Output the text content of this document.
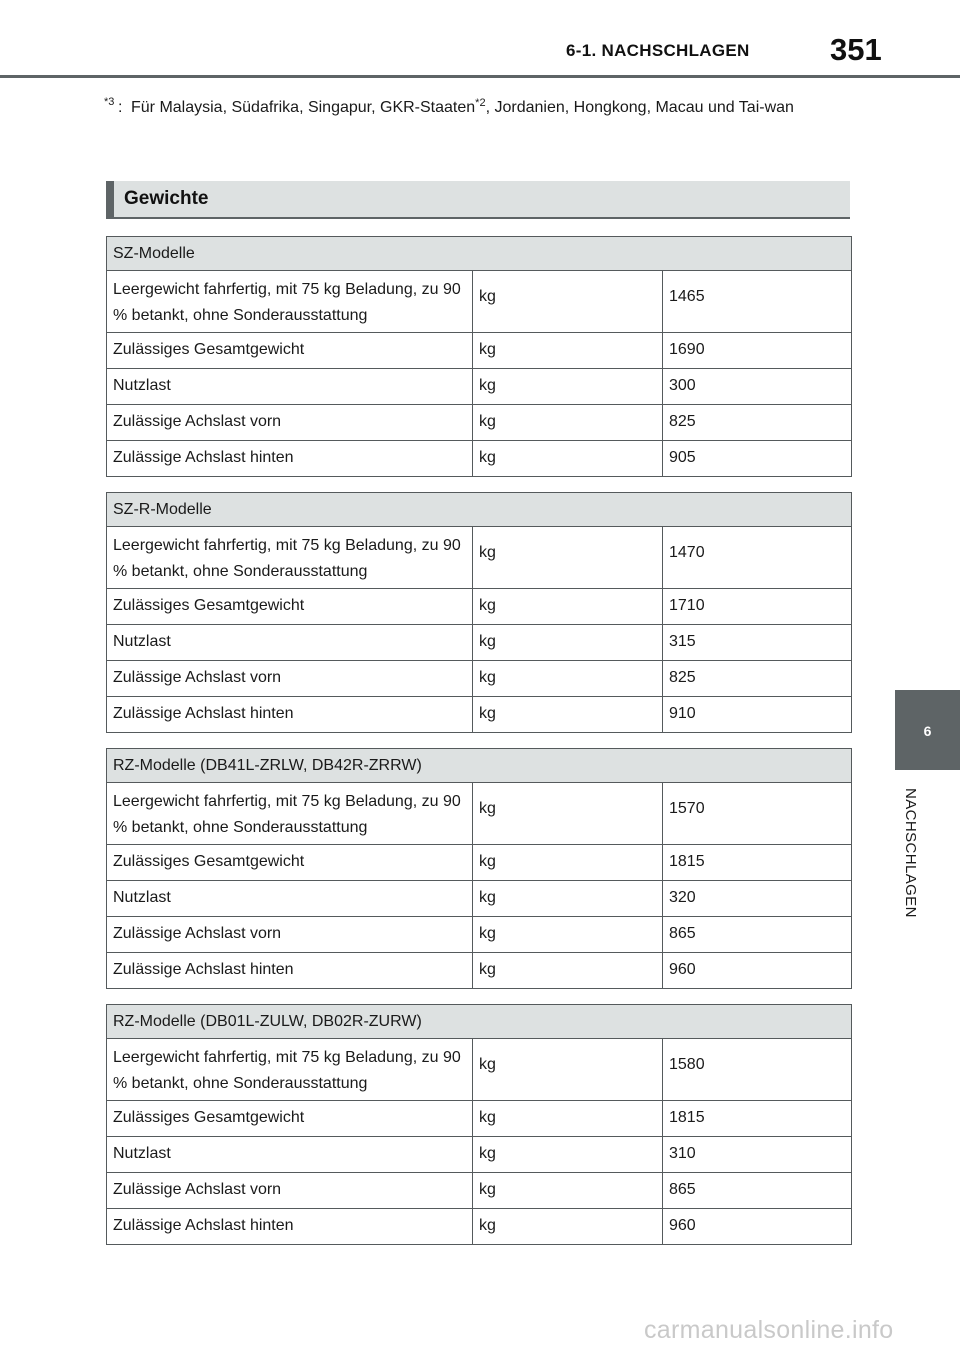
6-1. NACHSCHLAGEN	351
*3 : Für Malaysia, Südafrika, Singapur, GKR-Staaten$^{*2}$, Jordanien, Hongkong, Macau und Tai-wan
Gewichte
SZ-Modelle		
Leergewicht fahrfertig, mit 75 kg Beladung, zu 90 % betankt, ohne Sonderausstattung	kg	1465
Zulässiges Gesamtgewicht	kg	1690
Nutzlast	kg	300
Zulässige Achslast vorn	kg	825
Zulässige Achslast hinten	kg	905
SZ-R-Modelle		
Leergewicht fahrfertig, mit 75 kg Beladung, zu 90 % betankt, ohne Sonderausstattung	kg	1470
Zulässiges Gesamtgewicht	kg	1710
Nutzlast	kg	315
Zulässige Achslast vorn	kg	825
Zulässige Achslast hinten	kg	910
RZ-Modelle (DB41L-ZRLW, DB42R-ZRRW)		
Leergewicht fahrfertig, mit 75 kg Beladung, zu 90 % betankt, ohne Sonderausstattung	kg	1570
Zulässiges Gesamtgewicht	kg	1815
Nutzlast	kg	320
Zulässige Achslast vorn	kg	865
Zulässige Achslast hinten	kg	960
RZ-Modelle (DB01L-ZULW, DB02R-ZURW)		
Leergewicht fahrfertig, mit 75 kg Beladung, zu 90 % betankt, ohne Sonderausstattung	kg	1580
Zulässiges Gesamtgewicht	kg	1815
Nutzlast	kg	310
Zulässige Achslast vorn	kg	865
Zulässige Achslast hinten	kg	960
6
NACHSCHLAGEN
carmanualsonline.info
